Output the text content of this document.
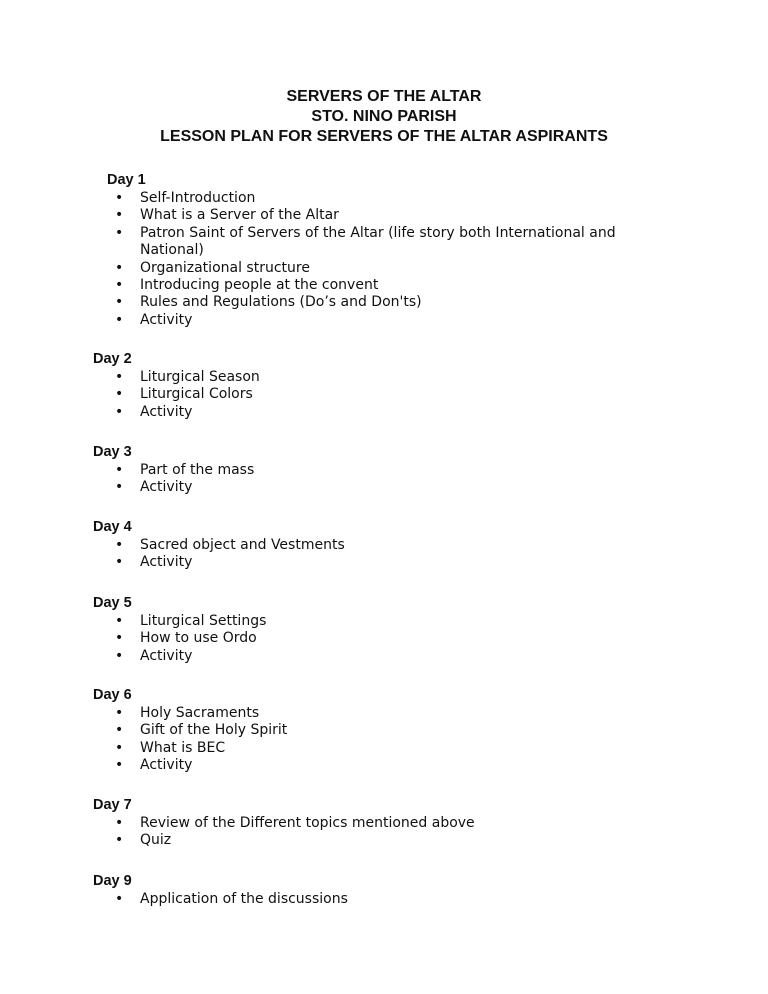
SERVERS OF THE ALTAR
STO. NINO PARISH
LESSON PLAN FOR SERVERS OF THE ALTAR ASPIRANTS
Day 1
• Self-Introduction
• What is a Server of the Altar
• Patron Saint of Servers of the Altar (life story both International and National)
• Organizational structure
• Introducing people at the convent
• Rules and Regulations (Do’s and Don'ts)
• Activity
Day 2
• Liturgical Season
• Liturgical Colors
• Activity
Day 3
• Part of the mass
• Activity
Day 4
• Sacred object and Vestments
• Activity
Day 5
• Liturgical Settings
• How to use Ordo
• Activity
Day 6
• Holy Sacraments
• Gift of the Holy Spirit
• What is BEC
• Activity
Day 7
• Review of the Different topics mentioned above
• Quiz
Day 9
• Application of the discussions
